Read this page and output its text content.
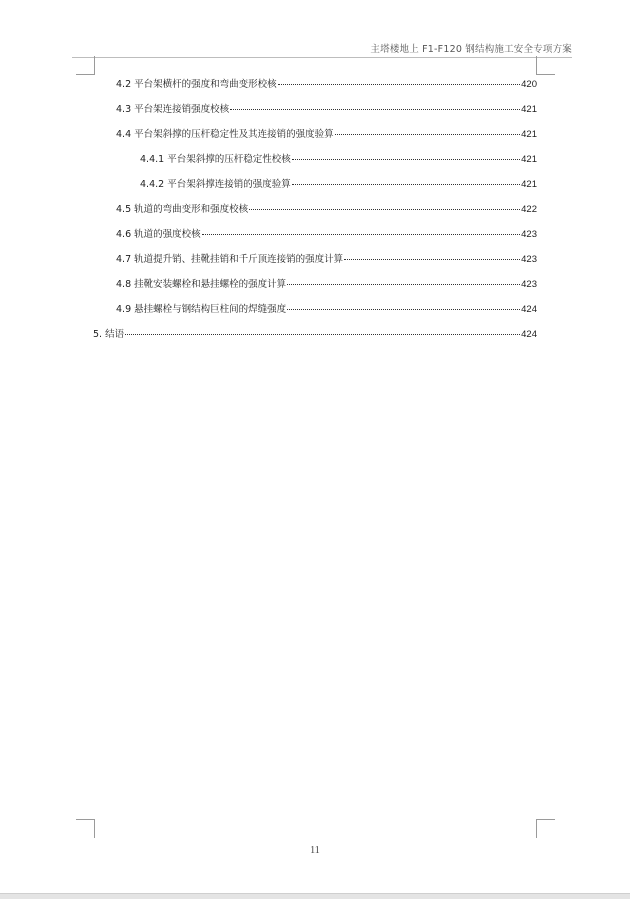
主塔楼地上 F1-F120 钢结构施工安全专项方案
4.2 平台架横杆的强度和弯曲变形校核	420
4.3 平台架连接销强度校核	421
4.4 平台架斜撑的压杆稳定性及其连接销的强度验算	421
4.4.1 平台架斜撑的压杆稳定性校核	421
4.4.2 平台架斜撑连接销的强度验算	421
4.5 轨道的弯曲变形和强度校核	422
4.6 轨道的强度校核	423
4.7 轨道提升销、挂靴挂销和千斤顶连接销的强度计算	423
4.8 挂靴安装螺栓和悬挂螺栓的强度计算	423
4.9 悬挂螺栓与钢结构巨柱间的焊缝强度	424
5. 结语	424
11
